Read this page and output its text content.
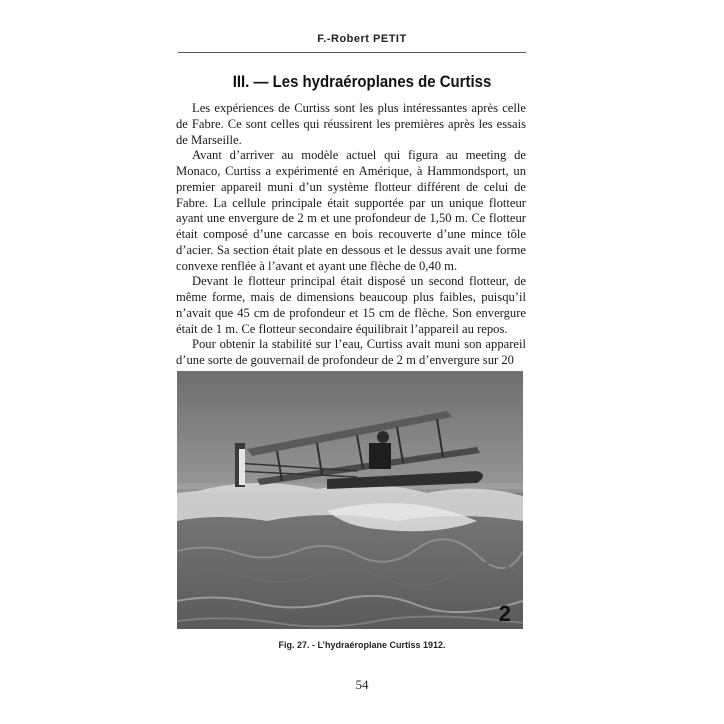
F.-Robert PETIT
III. — Les hydraéroplanes de Curtiss

Les expériences de Curtiss sont les plus intéressantes après celle de Fabre. Ce sont celles qui réussirent les premières après les essais de Marseille.

Avant d’arriver au modèle actuel qui figura au meeting de Monaco, Curtiss a expérimenté en Amérique, à Hammondsport, un premier appareil muni d’un système flotteur différent de celui de Fabre. La cellule principale était supportée par un unique flotteur ayant une envergure de 2 m et une profondeur de 1,50 m. Ce flotteur était composé d’une carcasse en bois recouverte d’une mince tôle d’acier. Sa section était plate en dessous et le dessus avait une forme convexe renflée à l’avant et ayant une flèche de 0,40 m.

Devant le flotteur principal était disposé un second flotteur, de même forme, mais de dimensions beaucoup plus faibles, puisqu’il n’avait que 45 cm de profondeur et 15 cm de flèche. Son envergure était de 1 m. Ce flotteur secondaire équilibrait l’appareil au repos.

Pour obtenir la stabilité sur l’eau, Curtiss avait muni son appareil d’une sorte de gouvernail de profondeur de 2 m d’envergure sur 20

2
Fig. 27. - L’hydraéroplane Curtiss 1912.
54
